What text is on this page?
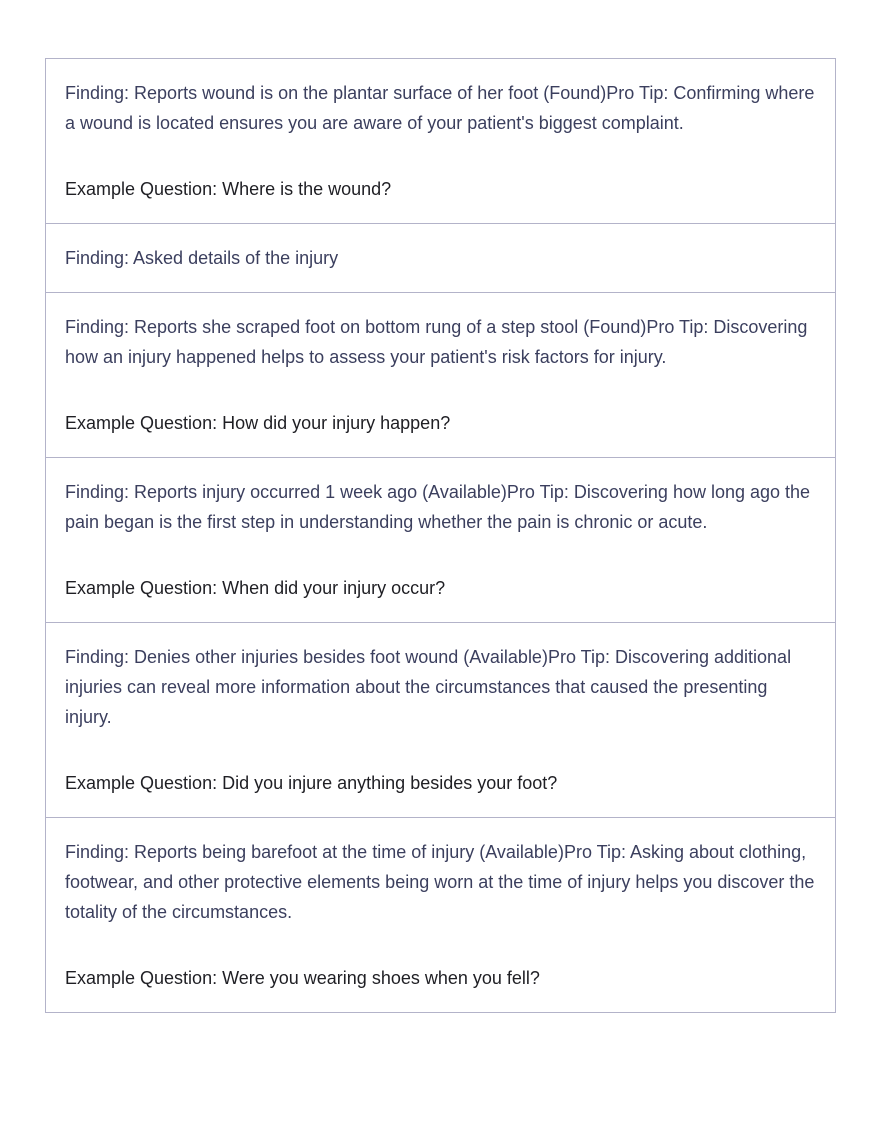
Finding: Reports wound is on the plantar surface of her foot (Found)Pro Tip: Confirming where a wound is located ensures you are aware of your patient's biggest complaint.
Example Question: Where is the wound?
Finding: Asked details of the injury
Finding: Reports she scraped foot on bottom rung of a step stool (Found)Pro Tip: Discovering how an injury happened helps to assess your patient's risk factors for injury.
Example Question: How did your injury happen?
Finding: Reports injury occurred 1 week ago (Available)Pro Tip: Discovering how long ago the pain began is the first step in understanding whether the pain is chronic or acute.
Example Question: When did your injury occur?
Finding: Denies other injuries besides foot wound (Available)Pro Tip: Discovering additional injuries can reveal more information about the circumstances that caused the presenting injury.
Example Question: Did you injure anything besides your foot?
Finding: Reports being barefoot at the time of injury (Available)Pro Tip: Asking about clothing, footwear, and other protective elements being worn at the time of injury helps you discover the totality of the circumstances.
Example Question: Were you wearing shoes when you fell?
